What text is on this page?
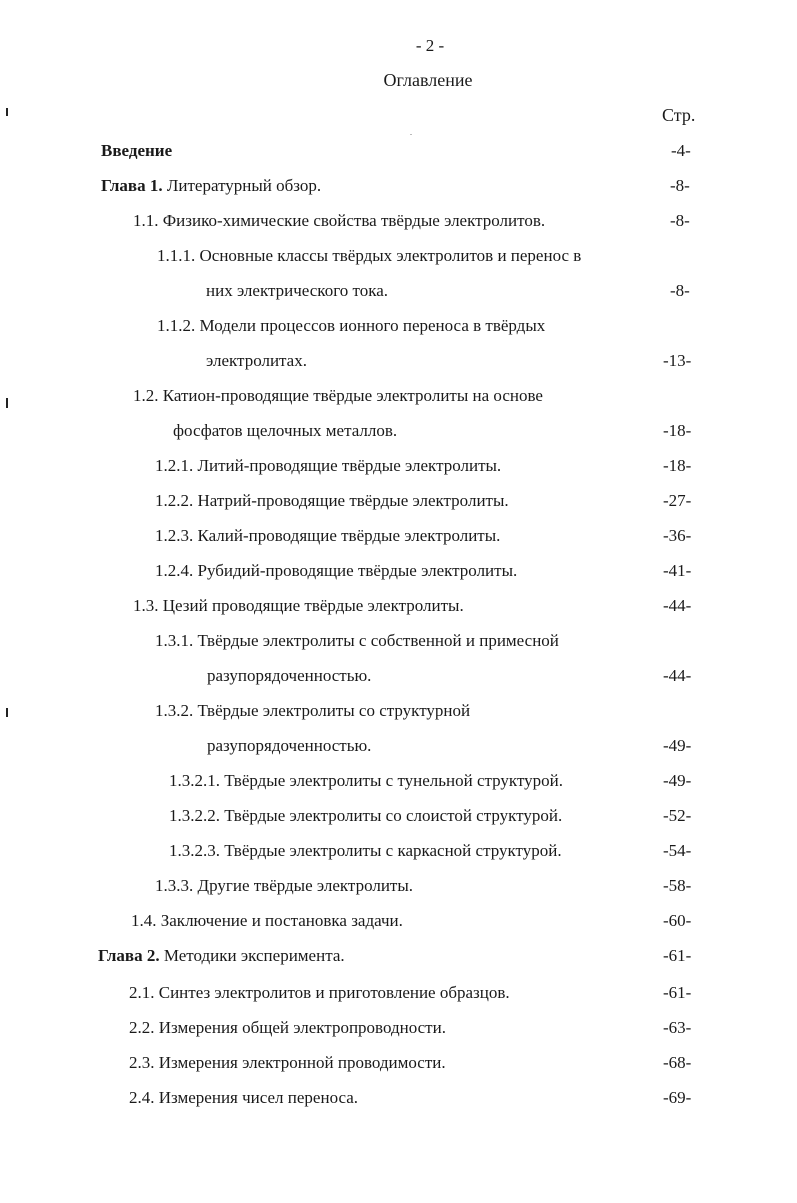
- 2 -
Оглавление
Стр.
Введение	-4-
Глава 1. Литературный обзор.	-8-
1.1. Физико-химические свойства твёрдые электролитов.	-8-
1.1.1. Основные классы твёрдых электролитов и перенос в
них электрического тока.	-8-
1.1.2. Модели процессов ионного переноса в твёрдых
электролитах.	-13-
1.2. Катион-проводящие твёрдые электролиты на основе
фосфатов щелочных металлов.	-18-
1.2.1. Литий-проводящие твёрдые электролиты.	-18-
1.2.2. Натрий-проводящие твёрдые электролиты.	-27-
1.2.3. Калий-проводящие твёрдые электролиты.	-36-
1.2.4. Рубидий-проводящие твёрдые электролиты.	-41-
1.3. Цезий проводящие твёрдые электролиты.	-44-
1.3.1. Твёрдые электролиты с собственной и примесной
разупорядоченностью.	-44-
1.3.2. Твёрдые электролиты со структурной
разупорядоченностью.	-49-
1.3.2.1. Твёрдые электролиты с тунельной структурой.	-49-
1.3.2.2. Твёрдые электролиты со слоистой структурой.	-52-
1.3.2.3. Твёрдые электролиты с каркасной структурой.	-54-
1.3.3. Другие твёрдые электролиты.	-58-
1.4. Заключение и постановка задачи.	-60-
Глава 2. Методики эксперимента.	-61-
2.1. Синтез электролитов и приготовление образцов.	-61-
2.2. Измерения общей электропроводности.	-63-
2.3. Измерения электронной проводимости.	-68-
2.4. Измерения чисел переноса.	-69-
